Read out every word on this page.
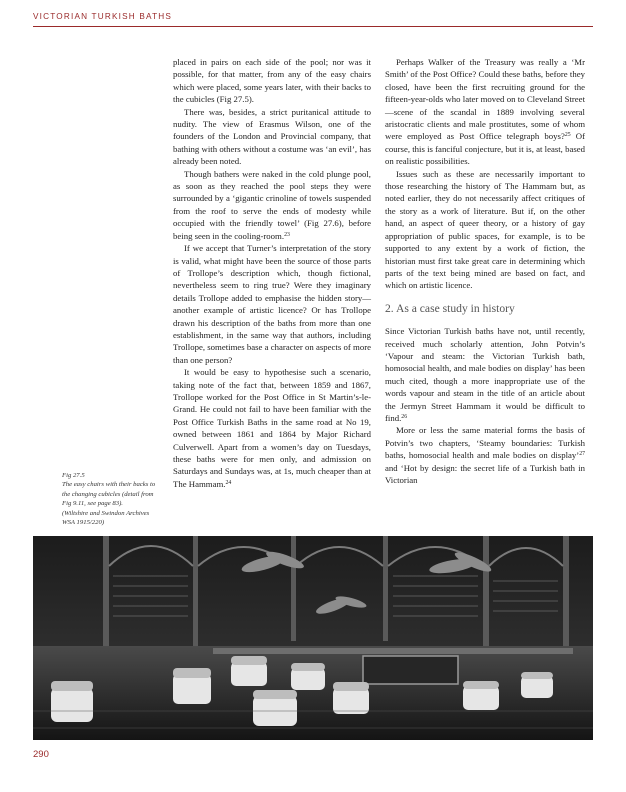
VICTORIAN TURKISH BATHS

placed in pairs on each side of the pool; nor was it possible, for that matter, from any of the easy chairs which were placed, some years later, with their backs to the cubicles (Fig 27.5).

There was, besides, a strict puritanical attitude to nudity. The view of Erasmus Wilson, one of the founders of the London and Provincial company, that bathing with others without a costume was ‘an evil’, has already been noted.

Though bathers were naked in the cold plunge pool, as soon as they reached the pool steps they were surrounded by a ‘gigantic crinoline of towels suspended from the roof to serve the ends of modesty while occupied with the friendly towel’ (Fig 27.6), before being seen in the cooling-room.$^{23}$

If we accept that Turner’s interpretation of the story is valid, what might have been the source of those parts of Trollope’s description which, though fictional, nevertheless seem to ring true? Were they imaginary details Trollope added to emphasise the hidden story—another example of artistic licence? Or has Trollope drawn his description of the baths from more than one establishment, in the same way that authors, including Trollope, sometimes base a character on aspects of more than one person?

It would be easy to hypothesise such a scenario, taking note of the fact that, between 1859 and 1867, Trollope worked for the Post Office in St Martin’s-le-Grand. He could not fail to have been familiar with the Post Office Turkish Baths in the same road at No 19, owned between 1861 and 1864 by Major Richard Culverwell. Apart from a women’s day on Tuesdays, these baths were for men only, and admission on Saturdays and Sundays was, at 1s, much cheaper than at The Hammam.$^{24}$

Perhaps Walker of the Treasury was really a ‘Mr Smith’ of the Post Office? Could these baths, before they closed, have been the first recruiting ground for the fifteen-year-olds who later moved on to Cleveland Street—scene of the scandal in 1889 involving several aristocratic clients and male prostitutes, some of whom were employed as Post Office telegraph boys?$^{25}$ Of course, this is fanciful conjecture, but it is, at least, based on realistic possibilities.

Issues such as these are necessarily important to those researching the history of The Hammam but, as noted earlier, they do not necessarily affect critiques of the story as a work of literature. But if, on the other hand, an aspect of queer theory, or a history of gay appropriation of public spaces, for example, is to be supported to any extent by a work of fiction, the historian must first take great care in determining which parts of the text being mined are based on fact, and which on artistic licence.

2. As a case study in history

Since Victorian Turkish baths have not, until recently, received much scholarly attention, John Potvin’s ‘Vapour and steam: the Victorian Turkish bath, homosocial health, and male bodies on display’ has been much cited, though a more inappropriate use of the words vapour and steam in the title of an article about the Jermyn Street Hammam it would be difficult to find.$^{26}$

More or less the same material forms the basis of Potvin’s two chapters, ‘Steamy boundaries: Turkish baths, homosocial health and male bodies on display’$^{27}$ and ‘Hot by design: the secret life of a Turkish bath in Victorian

Fig 27.5
The easy chairs with their backs to the changing cubicles (detail from Fig 9.11, see page 83).
(Wiltshire and Swindon Archives WSA 1915/220)
290
